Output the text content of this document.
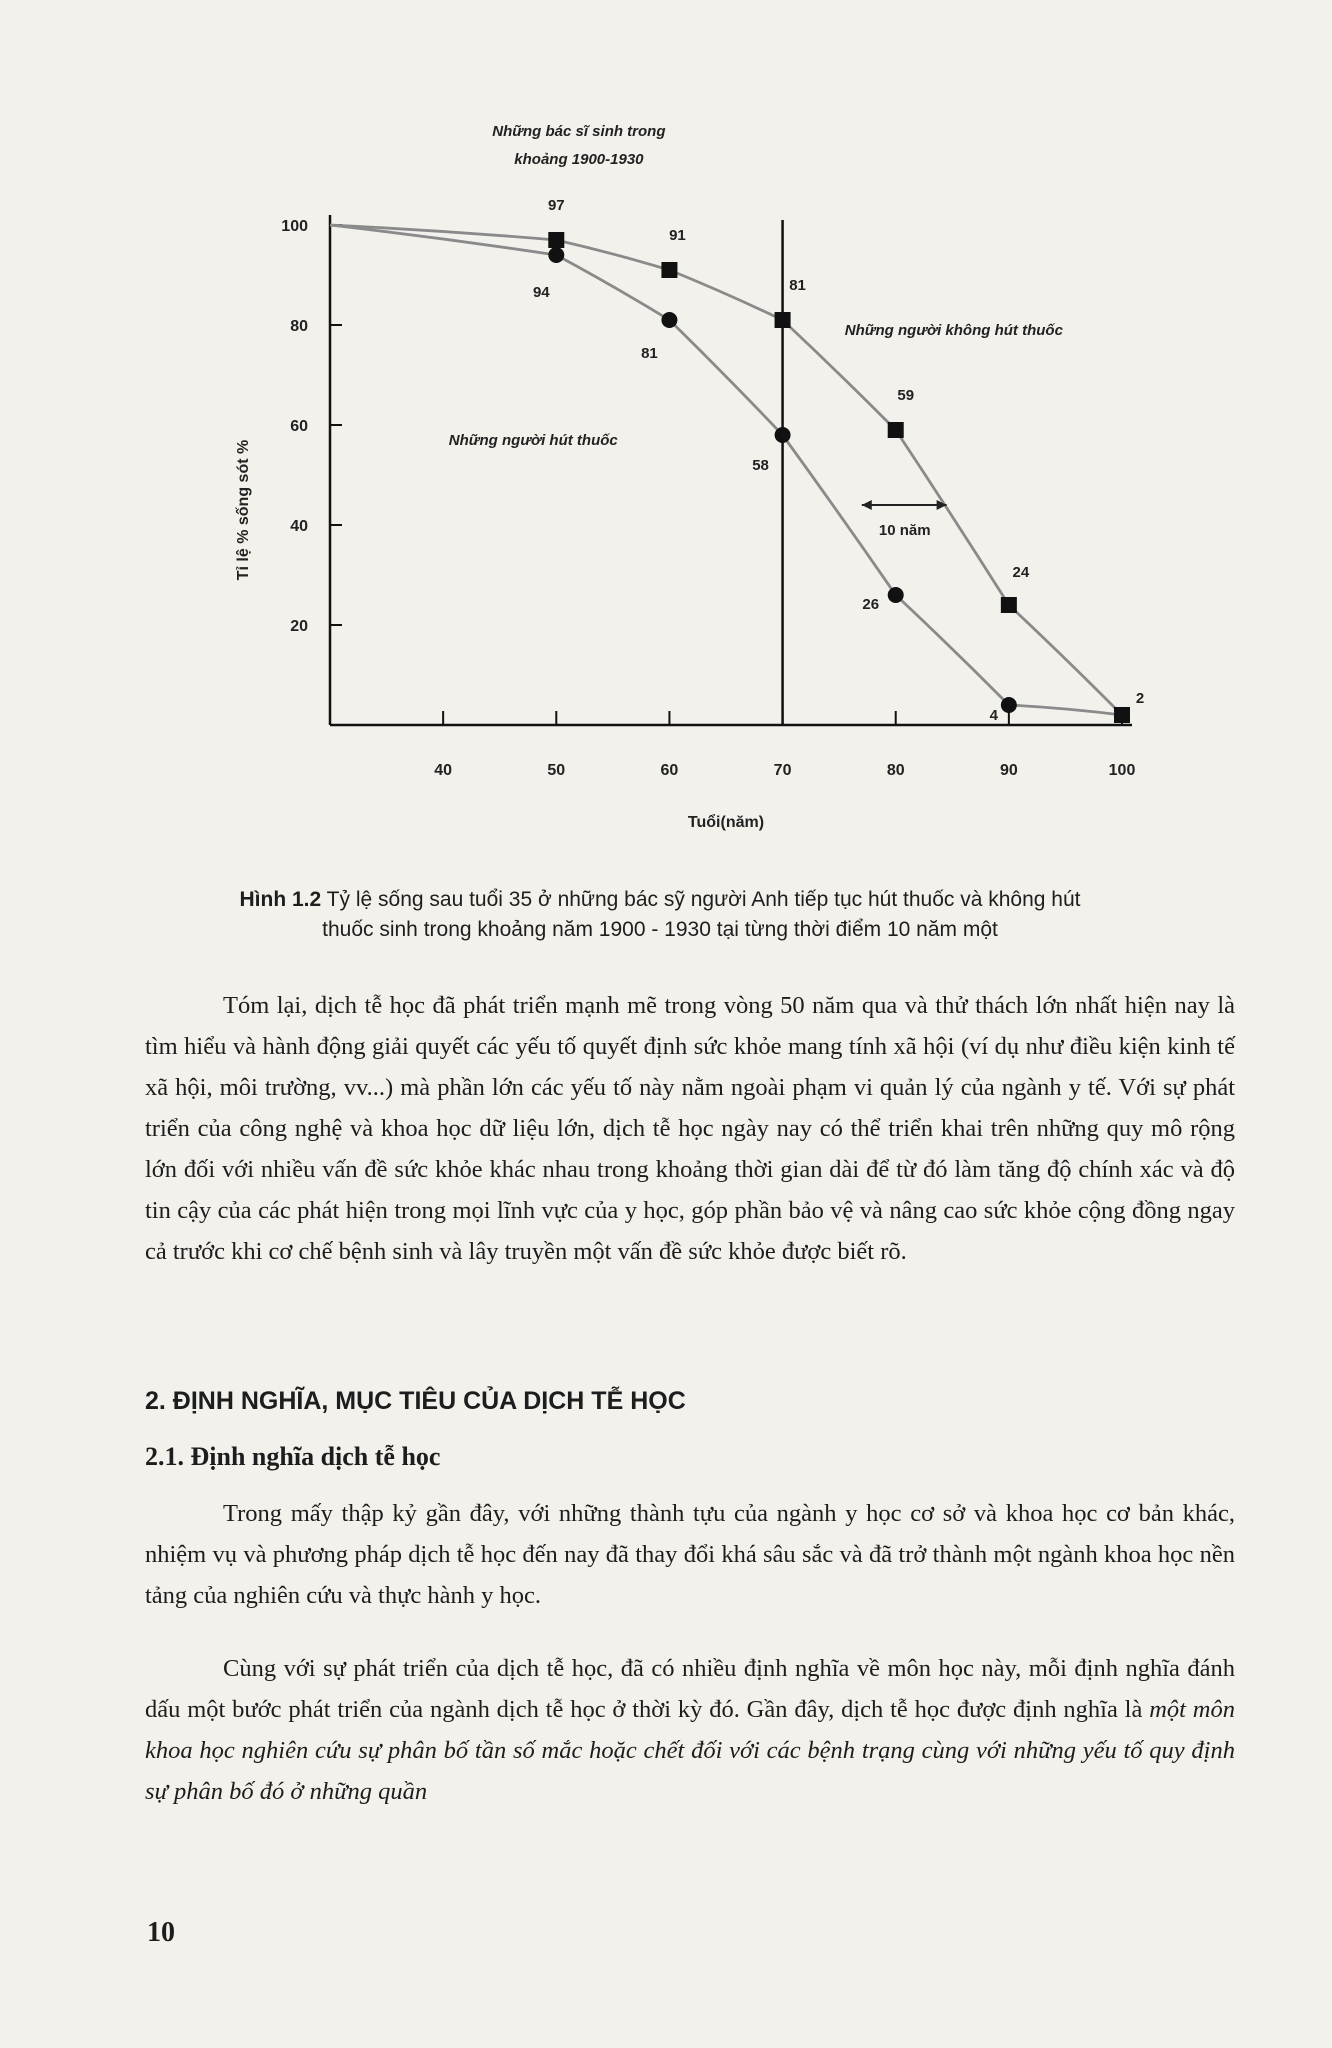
40	50	60	70	80	90	100
20
40
60
80
100
Tuổi(năm)
Tỉ lệ % sống sót %
97
91
81
59
24
2
94
81
58
26
4
Những người không hút thuốc
Những người hút thuốc
Những bác sĩ sinh trong
khoảng 1900-1930
10 năm
Hình 1.2 Tỷ lệ sống sau tuổi 35 ở những bác sỹ người Anh tiếp tục hút thuốc và không hút
thuốc sinh trong khoảng năm 1900 - 1930 tại từng thời điểm 10 năm một

Tóm lại, dịch tễ học đã phát triển mạnh mẽ trong vòng 50 năm qua và thử thách lớn nhất hiện nay là tìm hiểu và hành động giải quyết các yếu tố quyết định sức khỏe mang tính xã hội (ví dụ như điều kiện kinh tế xã hội, môi trường, vv...) mà phần lớn các yếu tố này nằm ngoài phạm vi quản lý của ngành y tế. Với sự phát triển của công nghệ và khoa học dữ liệu lớn, dịch tễ học ngày nay có thể triển khai trên những quy mô rộng lớn đối với nhiều vấn đề sức khỏe khác nhau trong khoảng thời gian dài để từ đó làm tăng độ chính xác và độ tin cậy của các phát hiện trong mọi lĩnh vực của y học, góp phần bảo vệ và nâng cao sức khỏe cộng đồng ngay cả trước khi cơ chế bệnh sinh và lây truyền một vấn đề sức khỏe được biết rõ.

2. ĐỊNH NGHĨA, MỤC TIÊU CỦA DỊCH TỄ HỌC
2.1. Định nghĩa dịch tễ học

Trong mấy thập kỷ gần đây, với những thành tựu của ngành y học cơ sở và khoa học cơ bản khác, nhiệm vụ và phương pháp dịch tễ học đến nay đã thay đổi khá sâu sắc và đã trở thành một ngành khoa học nền tảng của nghiên cứu và thực hành y học.

Cùng với sự phát triển của dịch tễ học, đã có nhiều định nghĩa về môn học này, mỗi định nghĩa đánh dấu một bước phát triển của ngành dịch tễ học ở thời kỳ đó. Gần đây, dịch tễ học được định nghĩa là một môn khoa học nghiên cứu sự phân bố tần số mắc hoặc chết đối với các bệnh trạng cùng với những yếu tố quy định sự phân bố đó ở những quần

10
